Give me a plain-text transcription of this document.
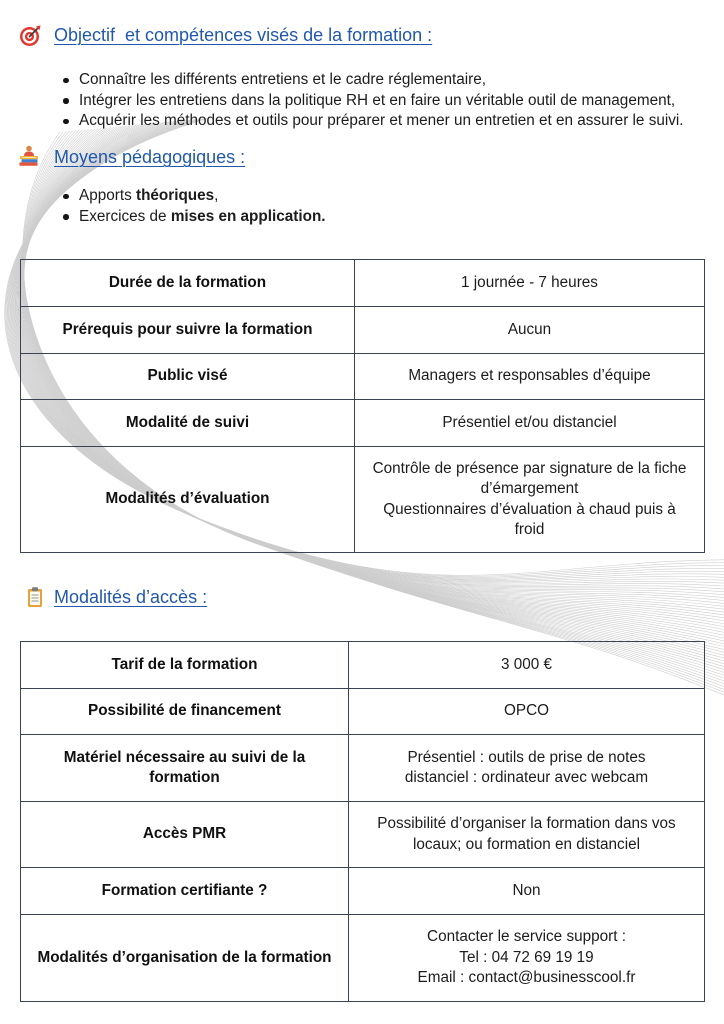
Objectif  et compétences visés de la formation :
Connaître les différents entretiens et le cadre réglementaire,
Intégrer les entretiens dans la politique RH et en faire un véritable outil de management,
Acquérir les méthodes et outils pour préparer et mener un entretien et en assurer le suivi.
Moyens pédagogiques :
Apports théoriques,
Exercices de mises en application.
Durée de la formation	1 journée - 7 heures

Prérequis pour suivre la formation	Aucun

Public visé	Managers et responsables d’équipe

Modalité de suivi	Présentiel et/ou distanciel

Modalités d’évaluation	Contrôle de présence par signature de la fiche
d’émargement
Questionnaires d’évaluation à chaud puis à
froid
Modalités d’accès :
Tarif de la formation	3 000 €

Possibilité de financement	OPCO

Matériel nécessaire au suivi de la
formation	Présentiel : outils de prise de notes
distanciel : ordinateur avec webcam

Accès PMR	Possibilité d’organiser la formation dans vos
locaux; ou formation en distanciel

Formation certifiante ?	Non

Modalités d’organisation de la formation	Contacter le service support :
Tel : 04 72 69 19 19
Email : contact@businesscool.fr
